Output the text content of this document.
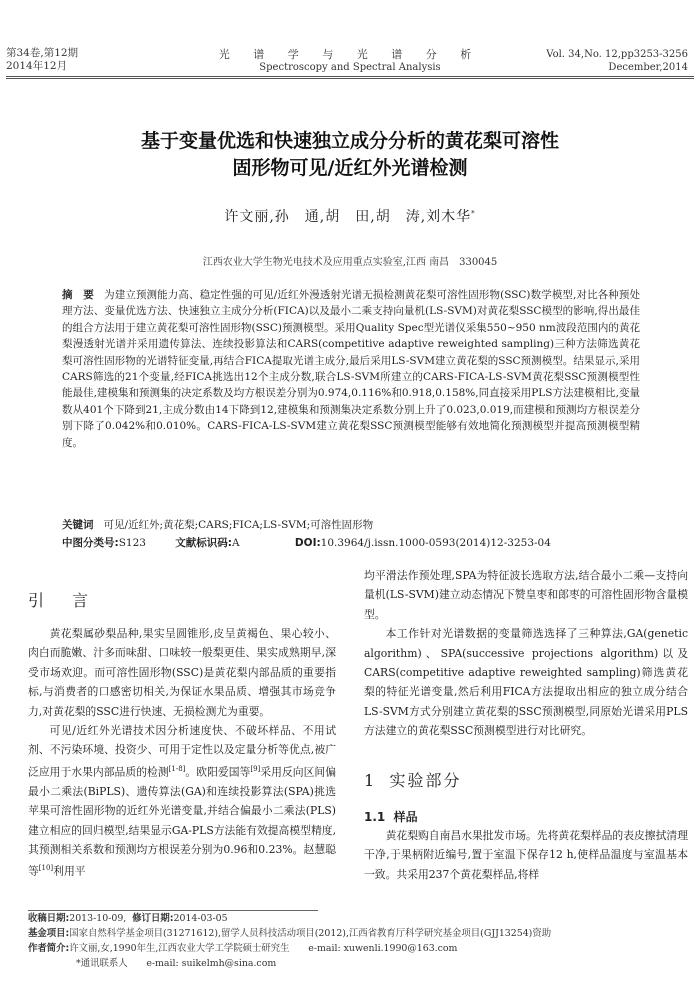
第34卷,第12期
2014年12月
光 谱 学 与 光 谱 分 析
Spectroscopy and Spectral Analysis
Vol. 34,No. 12,pp3253-3256
December,2014
基于变量优选和快速独立成分分析的黄花梨可溶性
固形物可见/近红外光谱检测
许文丽,孙　通,胡　田,胡　涛,刘木华*
江西农业大学生物光电技术及应用重点实验室,江西 南昌　330045
摘　要 为建立预测能力高、稳定性强的可见/近红外漫透射光谱无损检测黄花梨可溶性固形物(SSC)数学模型,对比各种预处理方法、变量优选方法、快速独立主成分分析(FICA)以及最小二乘支持向量机(LS-SVM)对黄花梨SSC模型的影响,得出最佳的组合方法用于建立黄花梨可溶性固形物(SSC)预测模型。采用Quality Spec型光谱仪采集550~950 nm波段范围内的黄花梨漫透射光谱并采用遗传算法、连续投影算法和CARS(competitive adaptive reweighted sampling)三种方法筛选黄花梨可溶性固形物的光谱特征变量,再结合FICA提取光谱主成分,最后采用LS-SVM建立黄花梨的SSC预测模型。结果显示,采用CARS筛选的21个变量,经FICA挑选出12个主成分数,联合LS-SVM所建立的CARS-FICA-LS-SVM黄花梨SSC预测模型性能最佳,建模集和预测集的决定系数及均方根误差分别为0.974,0.116%和0.918,0.158%,同直接采用PLS方法建模相比,变量数从401个下降到21,主成分数由14下降到12,建模集和预测集决定系数分别上升了0.023,0.019,而建模和预测均方根误差分别下降了0.042%和0.010%。CARS-FICA-LS-SVM建立黄花梨SSC预测模型能够有效地简化预测模型并提高预测模型精度。
关键词 可见/近红外;黄花梨;CARS;FICA;LS-SVM;可溶性固形物
中图分类号:S123	文献标识码:A	DOI:10.3964/j.issn.1000-0593(2014)12-3253-04
引　言

黄花梨属砂梨品种,果实呈圆锥形,皮呈黄褐色、果心较小、肉白而脆嫩、汁多而味甜、口味较一般梨更佳、果实成熟期早,深受市场欢迎。而可溶性固形物(SSC)是黄花梨内部品质的重要指标,与消费者的口感密切相关,为保证水果品质、增强其市场竞争力,对黄花梨的SSC进行快速、无损检测尤为重要。

可见/近红外光谱技术因分析速度快、不破坏样品、不用试剂、不污染环境、投资少、可用于定性以及定量分析等优点,被广泛应用于水果内部品质的检测[1-8]。欧阳爱国等[9]采用反向区间偏最小二乘法(BiPLS)、遗传算法(GA)和连续投影算法(SPA)挑选苹果可溶性固形物的近红外光谱变量,并结合偏最小二乘法(PLS)建立相应的回归模型,结果显示GA-PLS方法能有效提高模型精度,其预测相关系数和预测均方根误差分别为0.96和0.23%。赵慧聪等[10]利用平

均平滑法作预处理,SPA为特征波长选取方法,结合最小二乘—支持向量机(LS-SVM)建立动态情况下赞皇枣和郎枣的可溶性固形物含量模型。

本工作针对光谱数据的变量筛选选择了三种算法,GA(genetic algorithm)、SPA(successive projections algorithm)以及CARS(competitive adaptive reweighted sampling)筛选黄花梨的特征光谱变量,然后利用FICA方法提取出相应的独立成分结合LS-SVM方式分别建立黄花梨的SSC预测模型,同原始光谱采用PLS方法建立的黄花梨SSC预测模型进行对比研究。

1 实验部分
1.1 样品

黄花梨购自南昌水果批发市场。先将黄花梨样品的表皮擦拭清理干净,于果柄附近编号,置于室温下保存12 h,使样品温度与室温基本一致。共采用237个黄花梨样品,将样

收稿日期:2013-10-09, 修订日期:2014-03-05
基金项目:国家自然科学基金项目(31271612),留学人员科技活动项目(2012),江西省教育厅科学研究基金项目(GJJ13254)资助
作者简介:许文丽,女,1990年生,江西农业大学工学院硕士研究生　　e-mail: xuwenli.1990@163.com
*通讯联系人　　e-mail: suikelmh@sina.com
